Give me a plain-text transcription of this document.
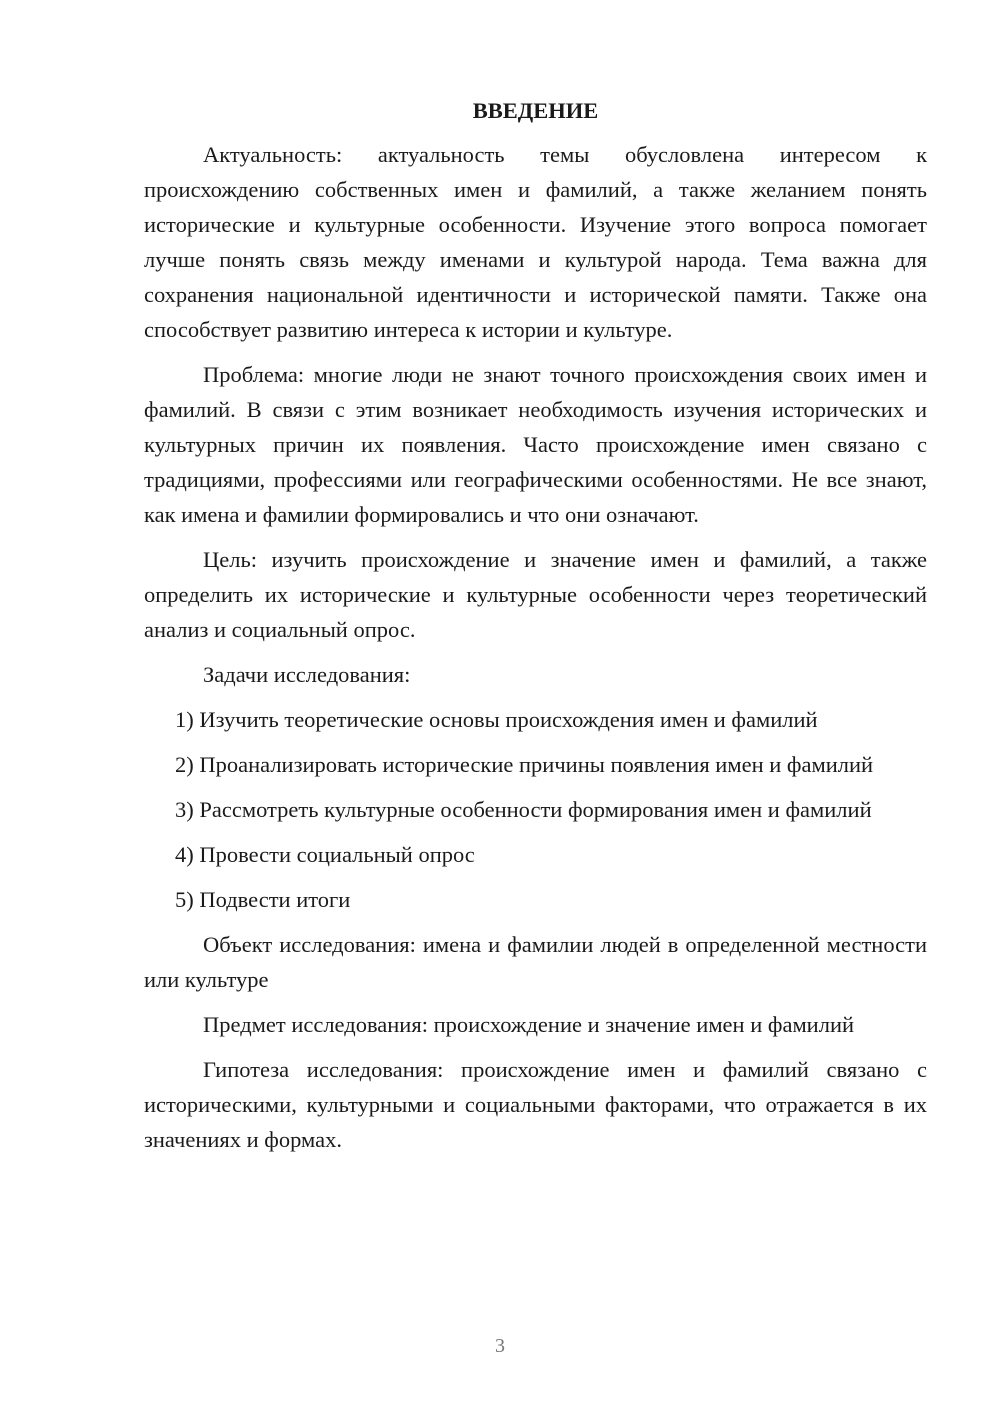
ВВЕДЕНИЕ

Актуальность: актуальность темы обусловлена интересом к происхождению собственных имен и фамилий, а также желанием понять исторические и культурные особенности. Изучение этого вопроса помогает лучше понять связь между именами и культурой народа. Тема важна для сохранения национальной идентичности и исторической памяти. Также она способствует развитию интереса к истории и культуре.

Проблема: многие люди не знают точного происхождения своих имен и фамилий. В связи с этим возникает необходимость изучения исторических и культурных причин их появления. Часто происхождение имен связано с традициями, профессиями или географическими особенностями. Не все знают, как имена и фамилии формировались и что они означают.

Цель: изучить происхождение и значение имен и фамилий, а также определить их исторические и культурные особенности через теоретический анализ и социальный опрос.

Задачи исследования:

1) Изучить теоретические основы происхождения имен и фамилий

2) Проанализировать исторические причины появления имен и фамилий

3) Рассмотреть культурные особенности формирования имен и фамилий

4) Провести социальный опрос

5) Подвести итоги

Объект исследования: имена и фамилии людей в определенной местности или культуре

Предмет исследования: происхождение и значение имен и фамилий

Гипотеза исследования: происхождение имен и фамилий связано с историческими, культурными и социальными факторами, что отражается в их значениях и формах.

3
